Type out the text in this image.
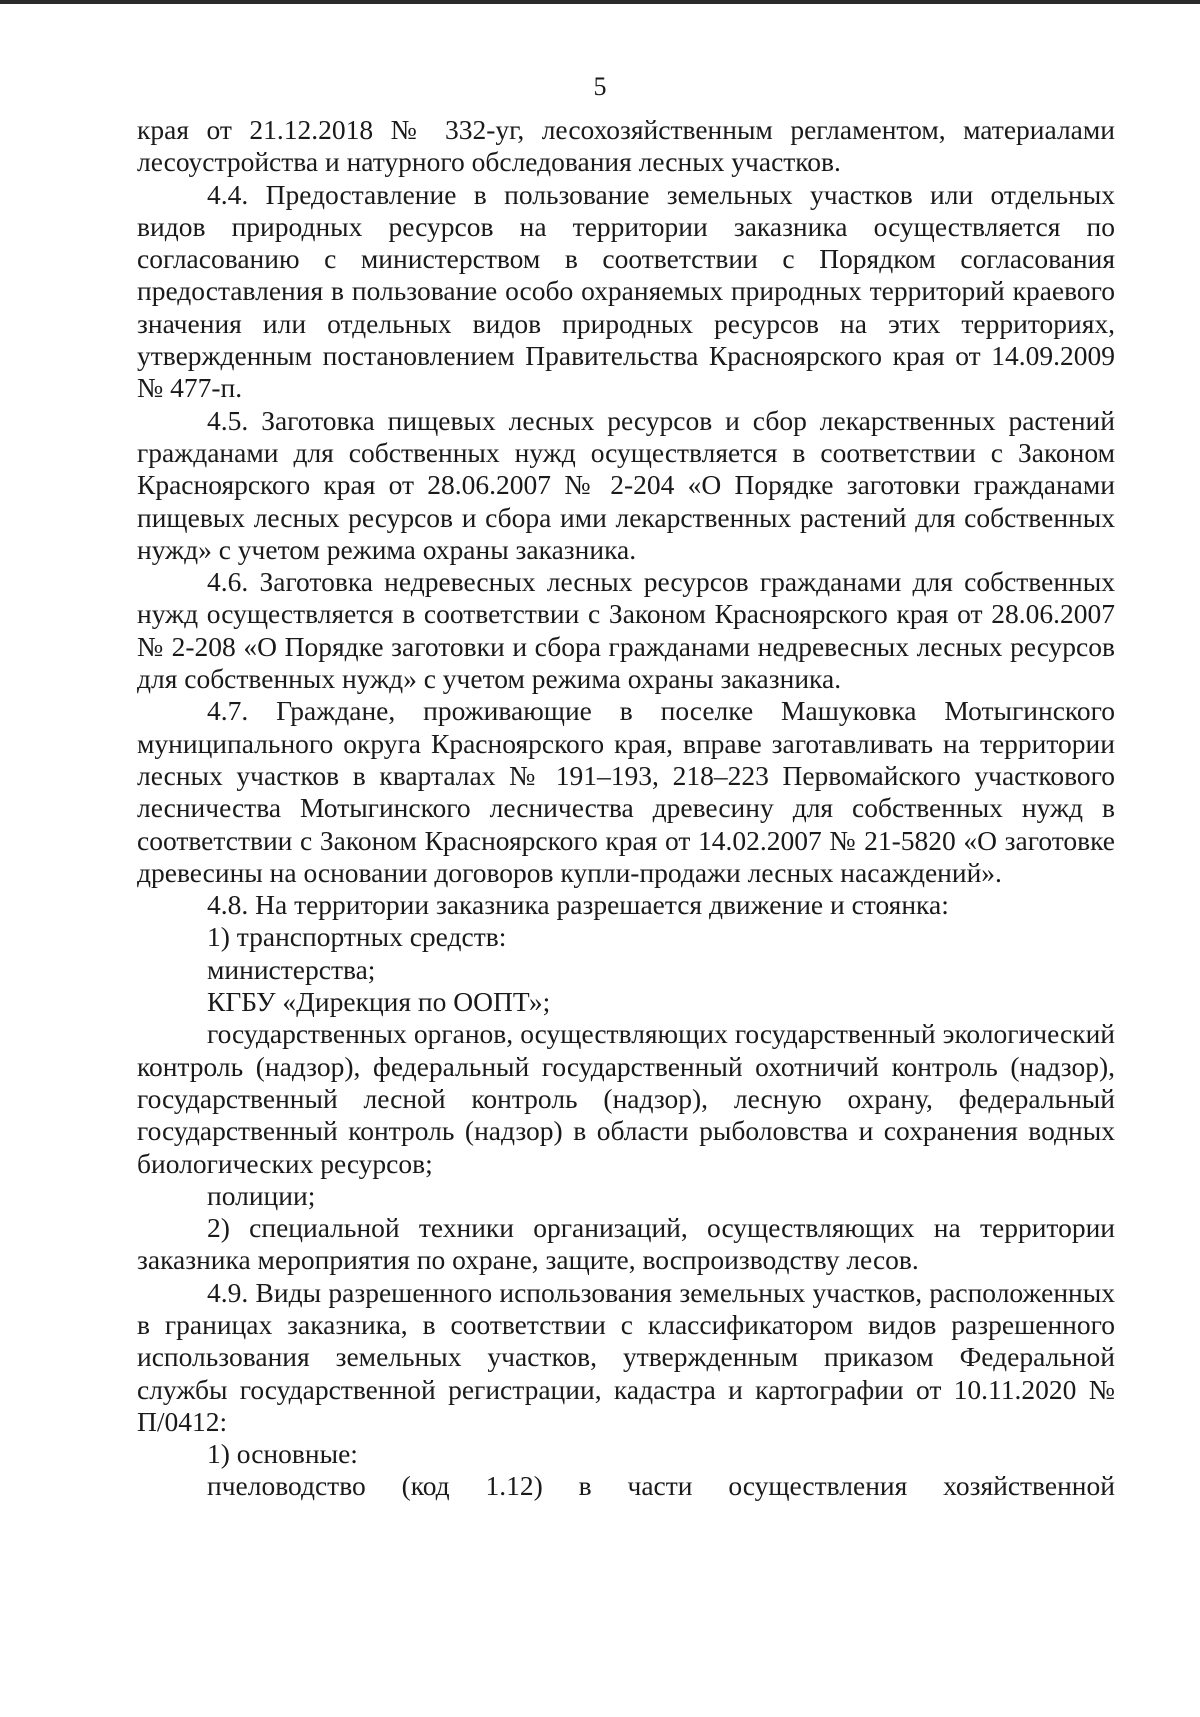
5

края от 21.12.2018 № 332-уг, лесохозяйственным регламентом, материалами лесоустройства и натурного обследования лесных участков.

4.4. Предоставление в пользование земельных участков или отдельных видов природных ресурсов на территории заказника осуществляется по согласованию с министерством в соответствии с Порядком согласования предоставления в пользование особо охраняемых природных территорий краевого значения или отдельных видов природных ресурсов на этих территориях, утвержденным постановлением Правительства Красноярского края от 14.09.2009 № 477-п.

4.5. Заготовка пищевых лесных ресурсов и сбор лекарственных растений гражданами для собственных нужд осуществляется в соответствии с Законом Красноярского края от 28.06.2007 № 2-204 «О Порядке заготовки гражданами пищевых лесных ресурсов и сбора ими лекарственных растений для собственных нужд» с учетом режима охраны заказника.

4.6. Заготовка недревесных лесных ресурсов гражданами для собственных нужд осуществляется в соответствии с Законом Красноярского края от 28.06.2007 № 2-208 «О Порядке заготовки и сбора гражданами недревесных лесных ресурсов для собственных нужд» с учетом режима охраны заказника.

4.7. Граждане, проживающие в поселке Машуковка Мотыгинского муниципального округа Красноярского края, вправе заготавливать на территории лесных участков в кварталах № 191–193, 218–223 Первомайского участкового лесничества Мотыгинского лесничества древесину для собственных нужд в соответствии с Законом Красноярского края от 14.02.2007 № 21-5820 «О заготовке древесины на основании договоров купли-продажи лесных насаждений».

4.8. На территории заказника разрешается движение и стоянка:

1) транспортных средств:

министерства;

КГБУ «Дирекция по ООПТ»;

государственных органов, осуществляющих государственный экологический контроль (надзор), федеральный государственный охотничий контроль (надзор), государственный лесной контроль (надзор), лесную охрану, федеральный государственный контроль (надзор) в области рыболовства и сохранения водных биологических ресурсов;

полиции;

2) специальной техники организаций, осуществляющих на территории заказника мероприятия по охране, защите, воспроизводству лесов.

4.9. Виды разрешенного использования земельных участков, расположенных в границах заказника, в соответствии с классификатором видов разрешенного использования земельных участков, утвержденным приказом Федеральной службы государственной регистрации, кадастра и картографии от 10.11.2020 № П/0412:

1) основные:

пчеловодство (код 1.12) в части осуществления хозяйственной
